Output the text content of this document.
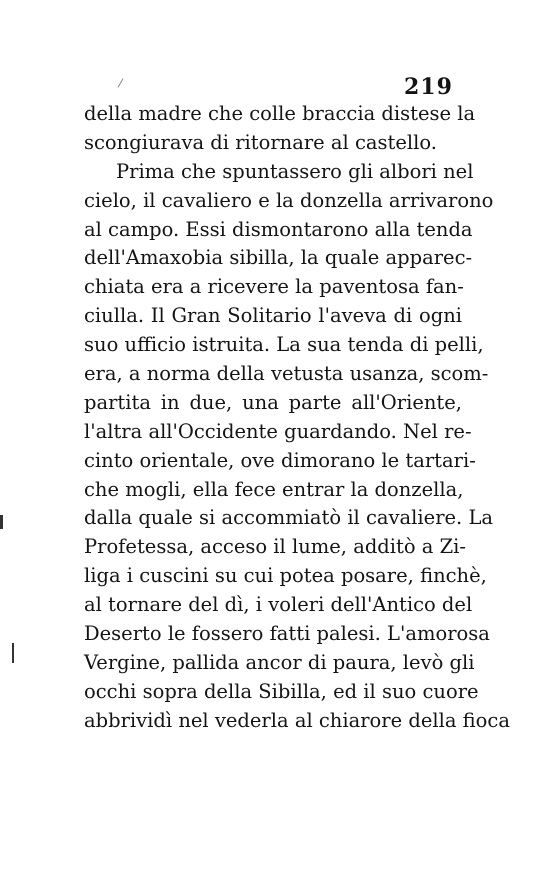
219
della madre che colle braccia distese la
scongiurava di ritornare al castello.
Prima che spuntassero gli albori nel
cielo, il cavaliero e la donzella arrivarono
al campo. Essi dismontarono alla tenda
dell'Amaxobia sibilla, la quale apparec-
chiata era a ricevere la paventosa fan-
ciulla. Il Gran Solitario l'aveva di ogni
suo ufficio istruita. La sua tenda di pelli,
era, a norma della vetusta usanza, scom-
partita in due, una parte all'Oriente,
l'altra all'Occidente guardando. Nel re-
cinto orientale, ove dimorano le tartari-
che mogli, ella fece entrar la donzella,
dalla quale si accommiatò il cavaliere. La
Profetessa, acceso il lume, additò a Zi-
liga i cuscini su cui potea posare, finchè,
al tornare del dì, i voleri dell'Antico del
Deserto le fossero fatti palesi. L'amorosa
Vergine, pallida ancor di paura, levò gli
occhi sopra della Sibilla, ed il suo cuore
abbrividì nel vederla al chiarore della fioca
